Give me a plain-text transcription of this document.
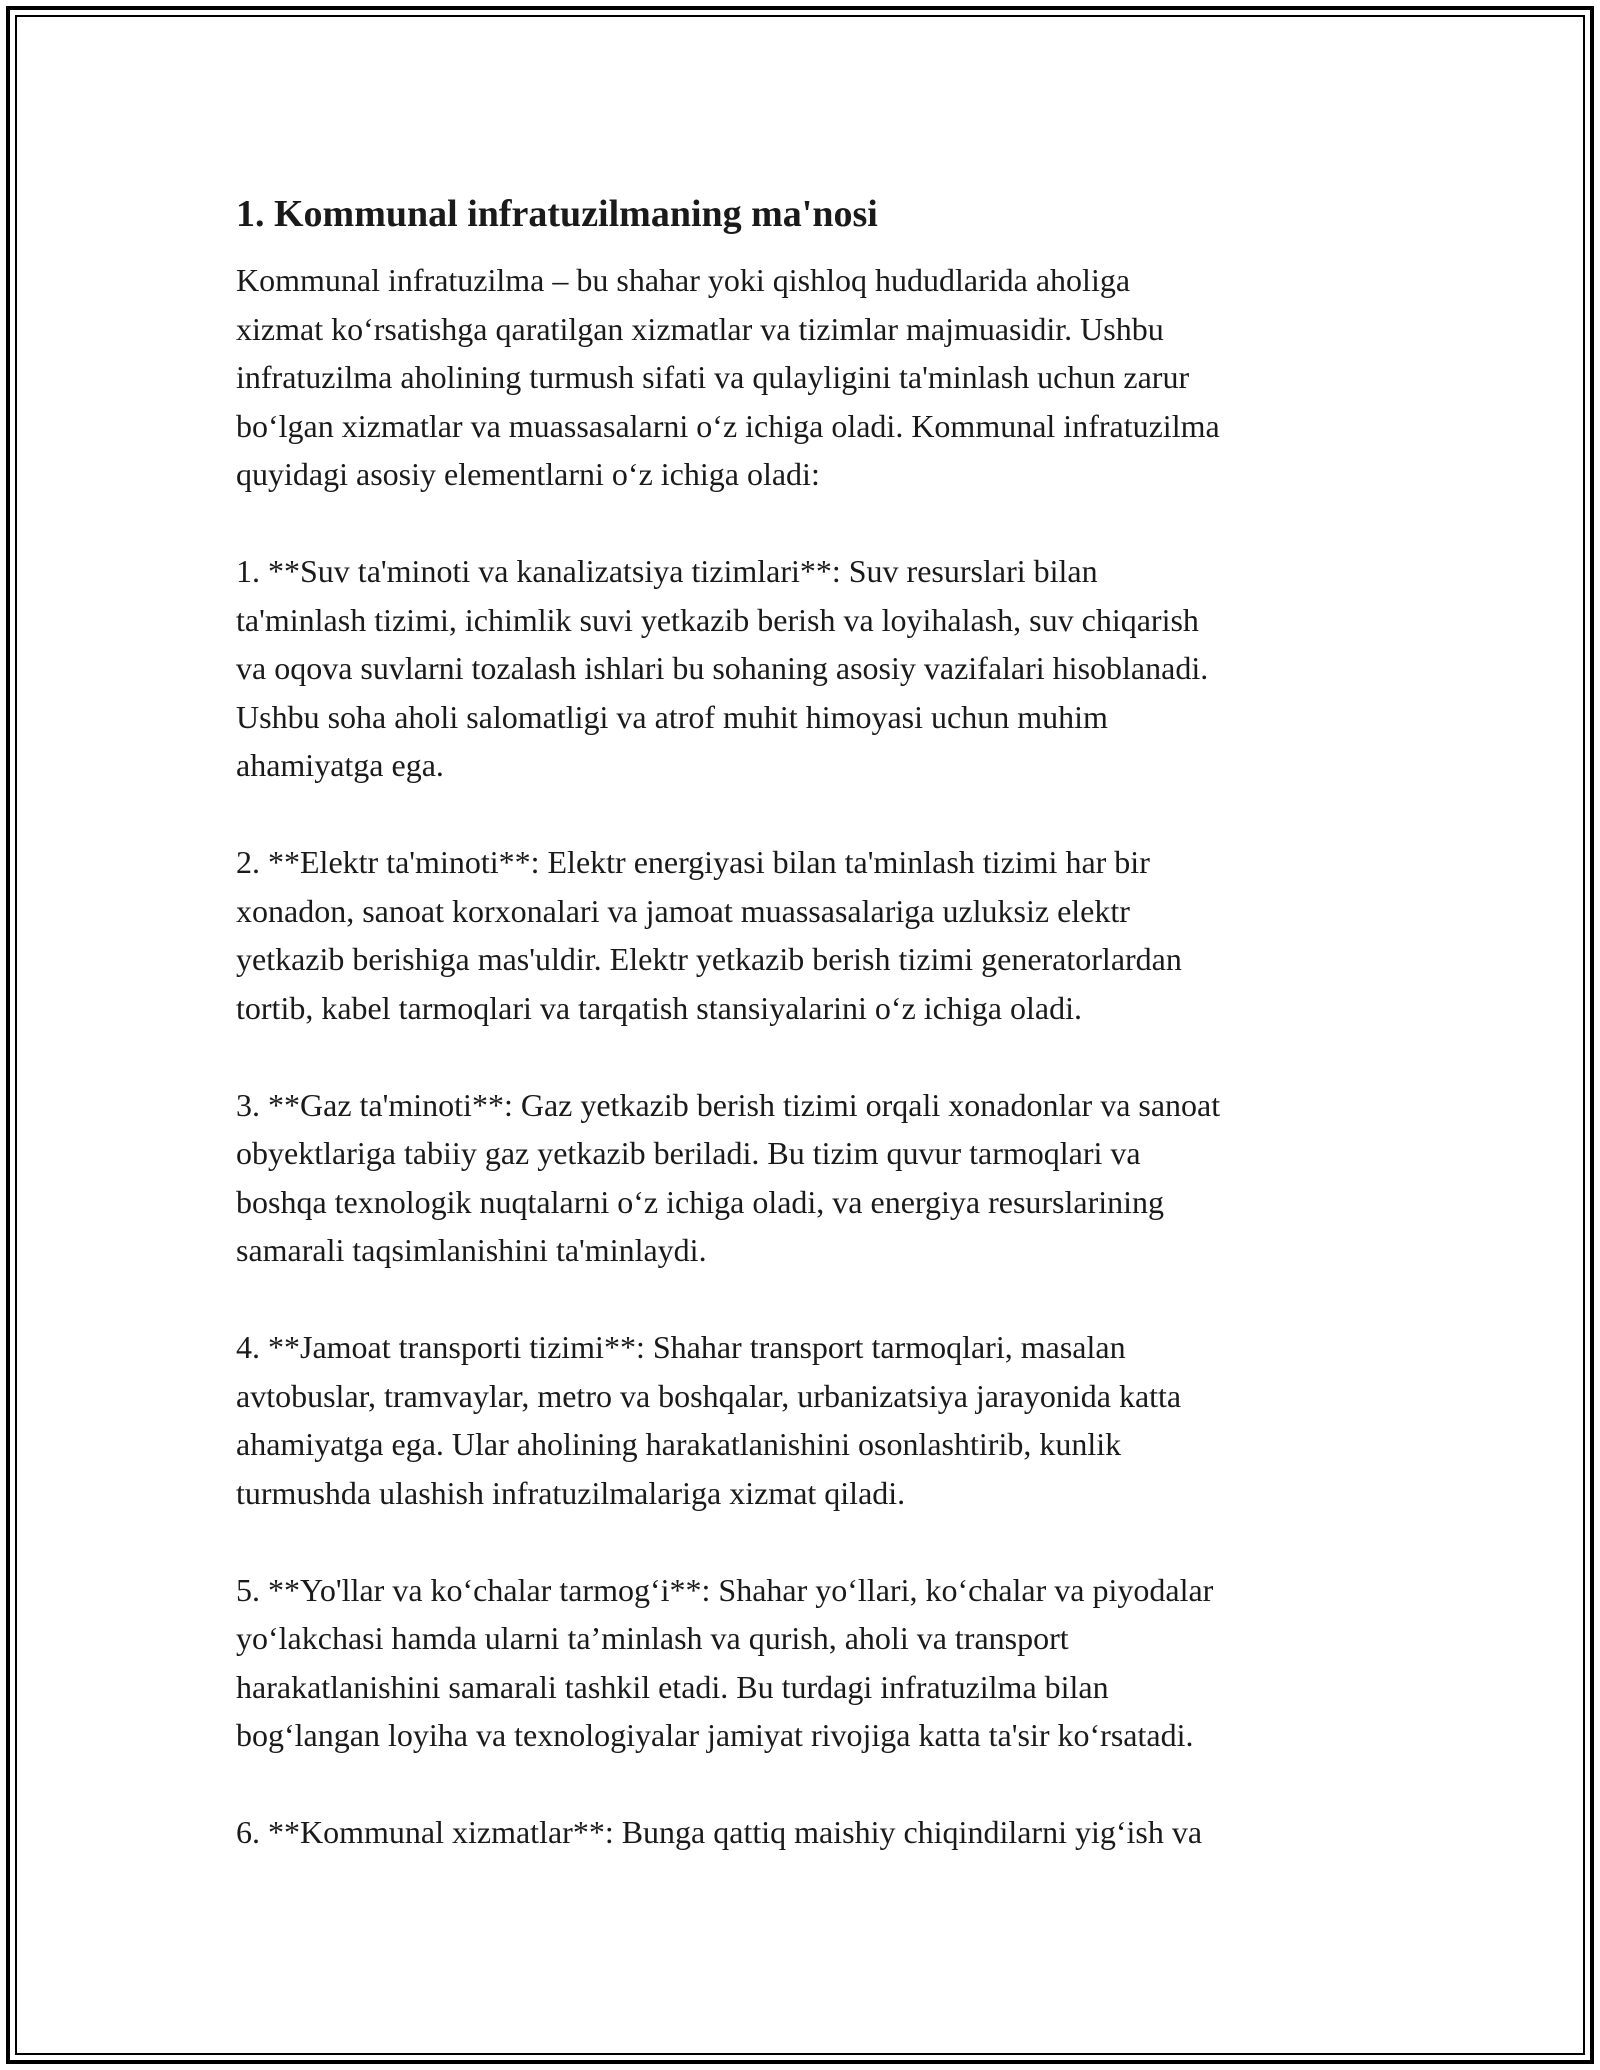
1. Kommunal infratuzilmaning ma'nosi

Kommunal infratuzilma – bu shahar yoki qishloq hududlarida aholiga
xizmat ko‘rsatishga qaratilgan xizmatlar va tizimlar majmuasidir. Ushbu
infratuzilma aholining turmush sifati va qulayligini ta'minlash uchun zarur
bo‘lgan xizmatlar va muassasalarni o‘z ichiga oladi. Kommunal infratuzilma
quyidagi asosiy elementlarni o‘z ichiga oladi:

1. **Suv ta'minoti va kanalizatsiya tizimlari**: Suv resurslari bilan
ta'minlash tizimi, ichimlik suvi yetkazib berish va loyihalash, suv chiqarish
va oqova suvlarni tozalash ishlari bu sohaning asosiy vazifalari hisoblanadi.
Ushbu soha aholi salomatligi va atrof muhit himoyasi uchun muhim
ahamiyatga ega.

2. **Elektr ta'minoti**: Elektr energiyasi bilan ta'minlash tizimi har bir
xonadon, sanoat korxonalari va jamoat muassasalariga uzluksiz elektr
yetkazib berishiga mas'uldir. Elektr yetkazib berish tizimi generatorlardan
tortib, kabel tarmoqlari va tarqatish stansiyalarini o‘z ichiga oladi.

3. **Gaz ta'minoti**: Gaz yetkazib berish tizimi orqali xonadonlar va sanoat
obyektlariga tabiiy gaz yetkazib beriladi. Bu tizim quvur tarmoqlari va
boshqa texnologik nuqtalarni o‘z ichiga oladi, va energiya resurslarining
samarali taqsimlanishini ta'minlaydi.

4. **Jamoat transporti tizimi**: Shahar transport tarmoqlari, masalan
avtobuslar, tramvaylar, metro va boshqalar, urbanizatsiya jarayonida katta
ahamiyatga ega. Ular aholining harakatlanishini osonlashtirib, kunlik
turmushda ulashish infratuzilmalariga xizmat qiladi.

5. **Yo'llar va ko‘chalar tarmog‘i**: Shahar yo‘llari, ko‘chalar va piyodalar
yo‘lakchasi hamda ularni ta’minlash va qurish, aholi va transport
harakatlanishini samarali tashkil etadi. Bu turdagi infratuzilma bilan
bog‘langan loyiha va texnologiyalar jamiyat rivojiga katta ta'sir ko‘rsatadi.

6. **Kommunal xizmatlar**: Bunga qattiq maishiy chiqindilarni yig‘ish va
